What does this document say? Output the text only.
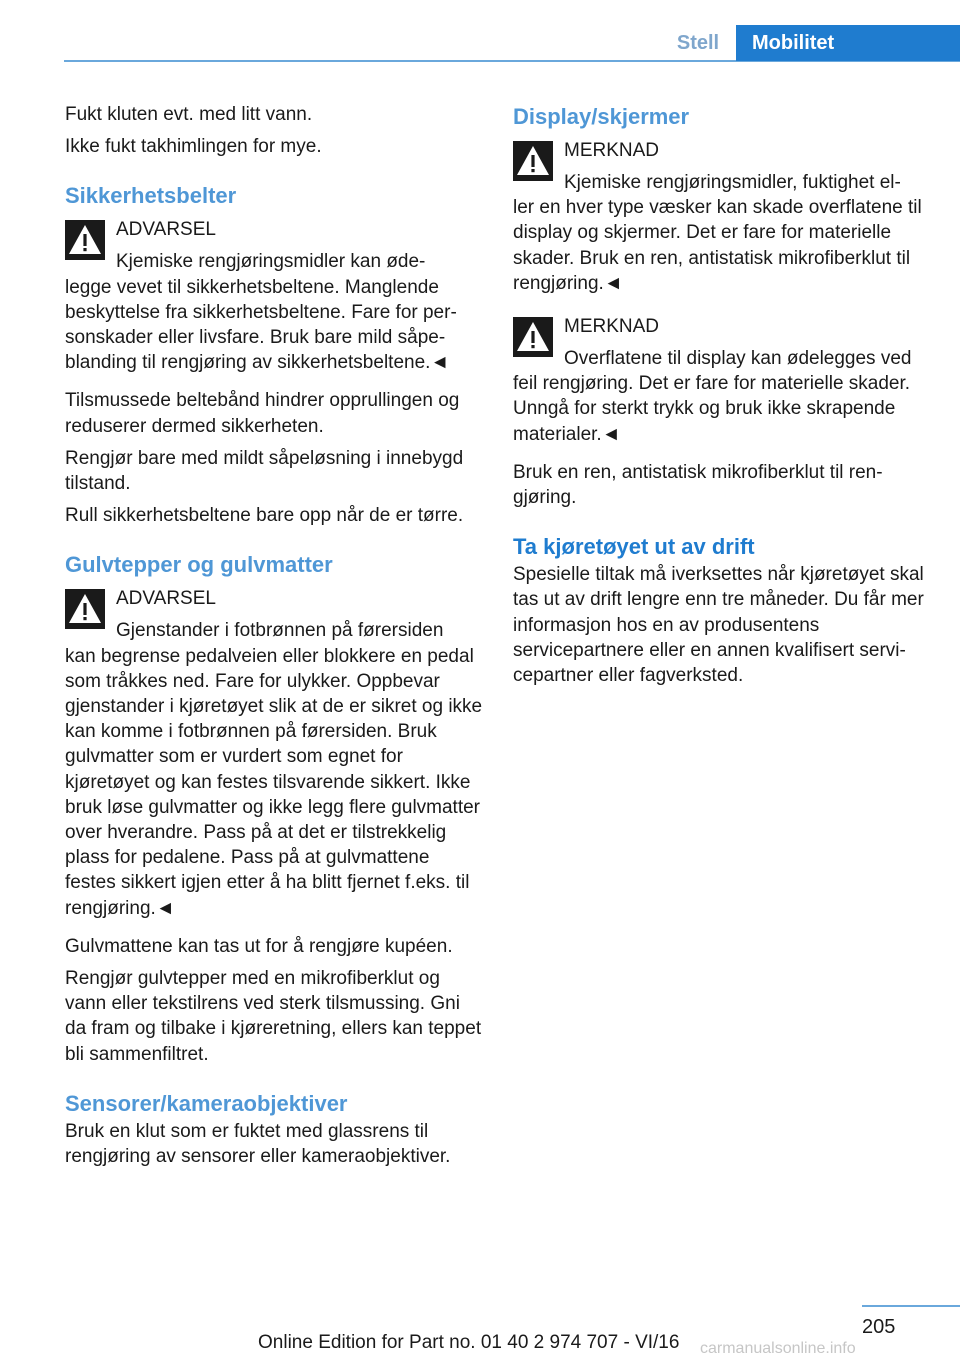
Stell	Mobilitet

Fukt kluten evt. med litt vann.

Ikke fukt takhimlingen for mye.

Sikkerhetsbelter

ADVARSEL

Kjemiske rengjøringsmidler kan øde-

legge vevet til sikkerhetsbeltene. Manglende beskyttelse fra sikkerhetsbeltene. Fare for personskader eller livsfare. Bruk bare mild såpeblanding til rengjøring av sikkerhetsbeltene.◄

Tilsmussede beltebånd hindrer opprullingen og reduserer dermed sikkerheten.

Rengjør bare med mildt såpeløsning i innebygd tilstand.

Rull sikkerhetsbeltene bare opp når de er tørre.

Gulvtepper og gulvmatter

ADVARSEL

Gjenstander i fotbrønnen på førersiden

kan begrense pedalveien eller blokkere en pedal som tråkkes ned. Fare for ulykker. Oppbevar gjenstander i kjøretøyet slik at de er sikret og ikke kan komme i fotbrønnen på førersiden. Bruk gulvmatter som er vurdert som egnet for kjøretøyet og kan festes tilsvarende sikkert. Ikke bruk løse gulvmatter og ikke legg flere gulvmatter over hverandre. Pass på at det er tilstrekkelig plass for pedalene. Pass på at gulvmattene festes sikkert igjen etter å ha blitt fjernet f.eks. til rengjøring.◄

Gulvmattene kan tas ut for å rengjøre kupéen.

Rengjør gulvtepper med en mikrofiberklut og vann eller tekstilrens ved sterk tilsmussing. Gni da fram og tilbake i kjøreretning, ellers kan teppet bli sammenfiltret.

Sensorer/kameraobjektiver

Bruk en klut som er fuktet med glassrens til rengjøring av sensorer eller kameraobjektiver.

Display/skjermer

MERKNAD

Kjemiske rengjøringsmidler, fuktighet el-

ler en hver type væsker kan skade overflatene til display og skjermer. Det er fare for materielle skader. Bruk en ren, antistatisk mikrofiberklut til rengjøring.◄

MERKNAD

Overflatene til display kan ødelegges ved

feil rengjøring. Det er fare for materielle skader. Unngå for sterkt trykk og bruk ikke skrapende materialer.◄

Bruk en ren, antistatisk mikrofiberklut til rengjøring.

Ta kjøretøyet ut av drift

Spesielle tiltak må iverksettes når kjøretøyet skal tas ut av drift lengre enn tre måneder. Du får mer informasjon hos en av produsentens servicepartnere eller en annen kvalifisert servicepartner eller fagverksted.

205
Online Edition for Part no. 01 40 2 974 707 - VI/16 carmanualsonline.info
